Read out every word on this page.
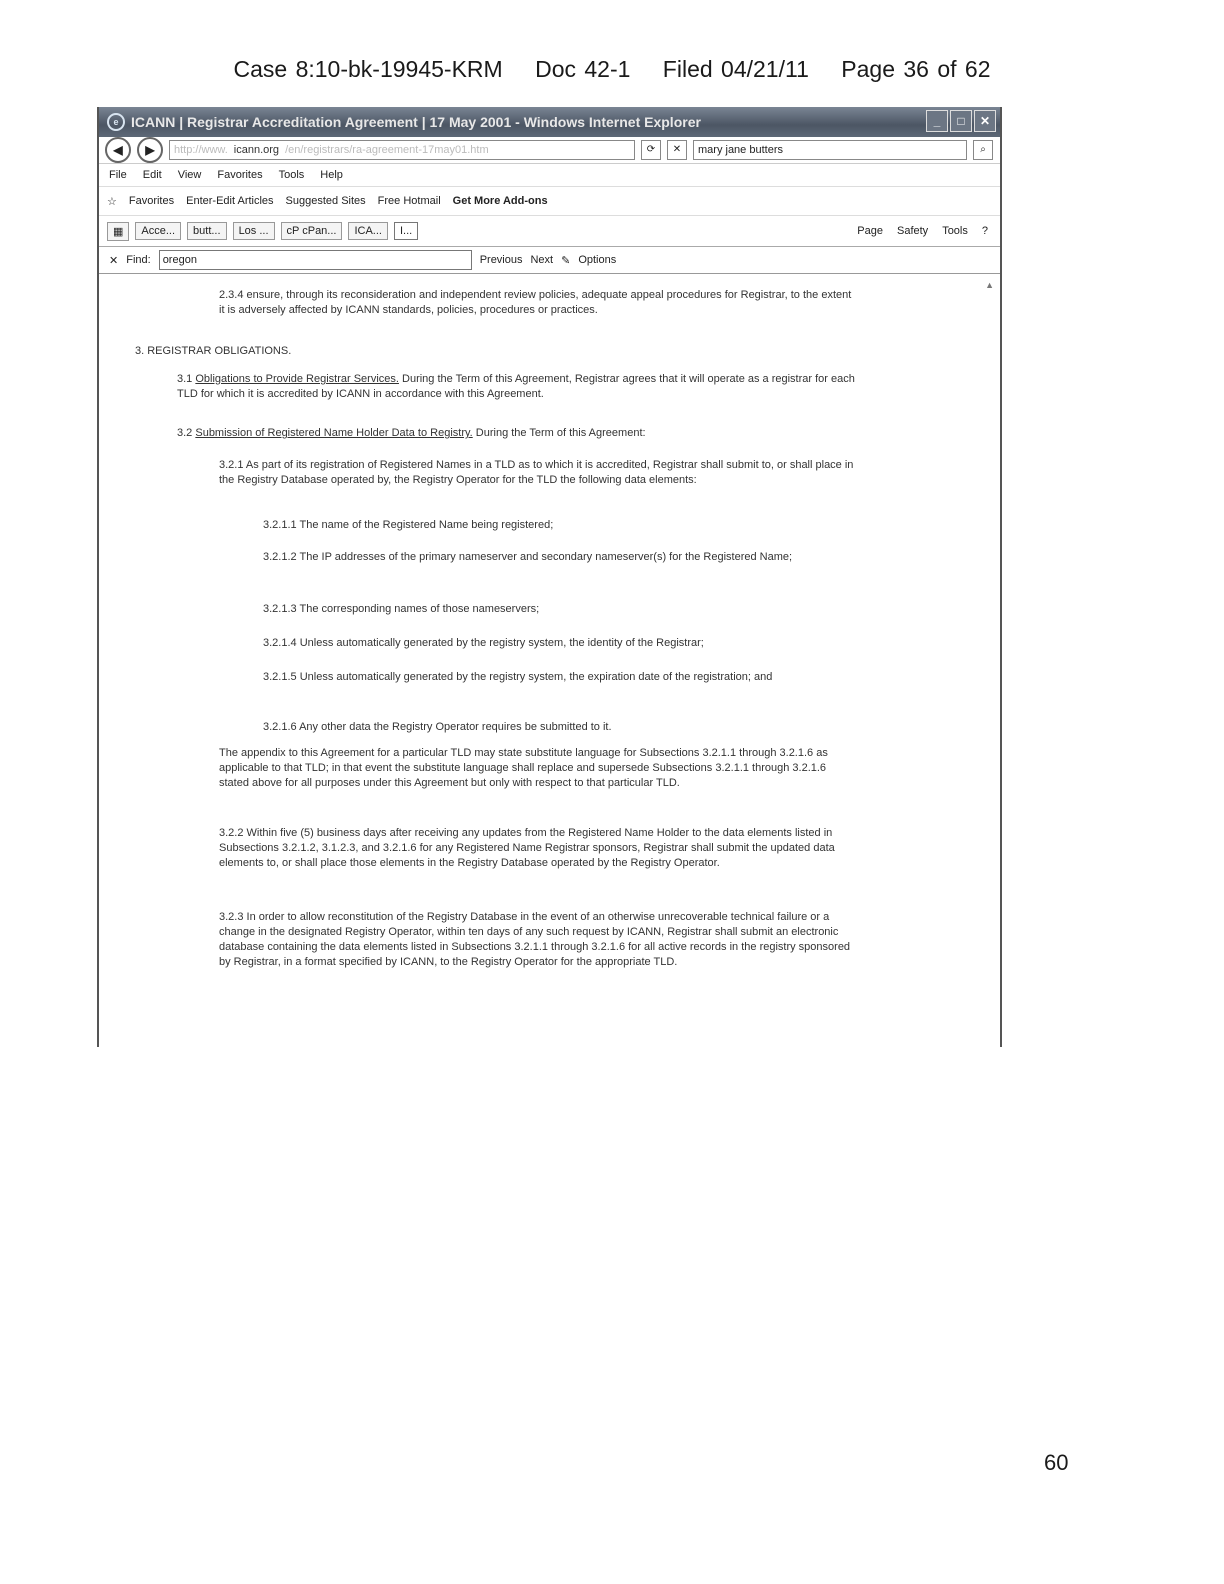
Case 8:10-bk-19945-KRM Doc 42-1 Filed 04/21/11 Page 36 of 62
e ICANN | Registrar Accreditation Agreement | 17 May 2001 - Windows Internet Explorer	_	□	✕
◀	▶	http://www. icann.org /en/registrars/ra-agreement-17may01.htm	⟳	✕	mary jane butters	⌕
File Edit View Favorites Tools Help
☆ Favorites Enter-Edit Articles Suggested Sites Free Hotmail Get More Add-ons
▦	Acce...	butt...	Los ...	cP cPan...	ICA...	I...	Page Safety Tools ?
✕ Find:	oregon	Previous Next ✎ Options
▲

2.3.4 ensure, through its reconsideration and independent review policies, adequate appeal procedures for Registrar, to the extent it is adversely affected by ICANN standards, policies, procedures or practices.

3. REGISTRAR OBLIGATIONS.

3.1 Obligations to Provide Registrar Services. During the Term of this Agreement, Registrar agrees that it will operate as a registrar for each TLD for which it is accredited by ICANN in accordance with this Agreement.

3.2 Submission of Registered Name Holder Data to Registry. During the Term of this Agreement:

3.2.1 As part of its registration of Registered Names in a TLD as to which it is accredited, Registrar shall submit to, or shall place in the Registry Database operated by, the Registry Operator for the TLD the following data elements:

3.2.1.1 The name of the Registered Name being registered;

3.2.1.2 The IP addresses of the primary nameserver and secondary nameserver(s) for the Registered Name;

3.2.1.3 The corresponding names of those nameservers;

3.2.1.4 Unless automatically generated by the registry system, the identity of the Registrar;

3.2.1.5 Unless automatically generated by the registry system, the expiration date of the registration; and

3.2.1.6 Any other data the Registry Operator requires be submitted to it.

The appendix to this Agreement for a particular TLD may state substitute language for Subsections 3.2.1.1 through 3.2.1.6 as applicable to that TLD; in that event the substitute language shall replace and supersede Subsections 3.2.1.1 through 3.2.1.6 stated above for all purposes under this Agreement but only with respect to that particular TLD.

3.2.2 Within five (5) business days after receiving any updates from the Registered Name Holder to the data elements listed in Subsections 3.2.1.2, 3.1.2.3, and 3.2.1.6 for any Registered Name Registrar sponsors, Registrar shall submit the updated data elements to, or shall place those elements in the Registry Database operated by the Registry Operator.

3.2.3 In order to allow reconstitution of the Registry Database in the event of an otherwise unrecoverable technical failure or a change in the designated Registry Operator, within ten days of any such request by ICANN, Registrar shall submit an electronic database containing the data elements listed in Subsections 3.2.1.1 through 3.2.1.6 for all active records in the registry sponsored by Registrar, in a format specified by ICANN, to the Registry Operator for the appropriate TLD.

60
